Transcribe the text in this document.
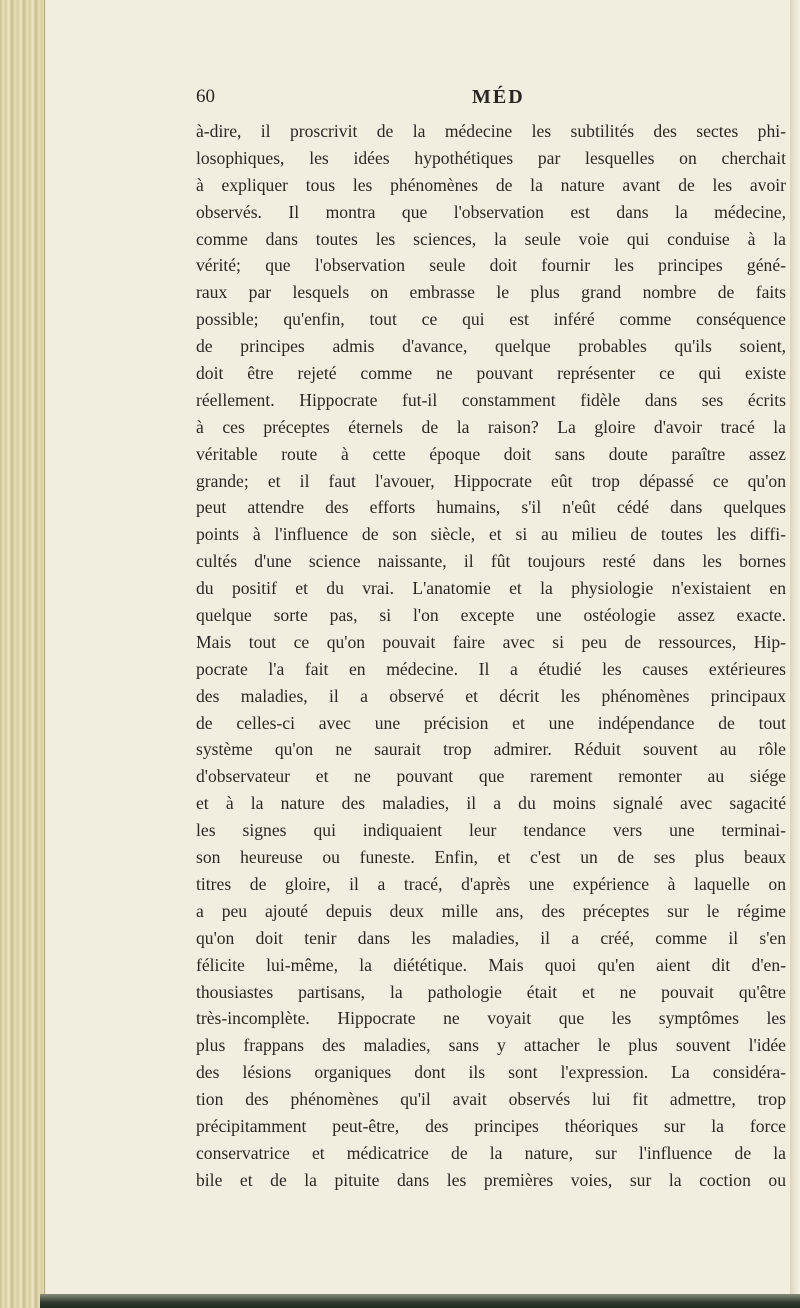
60	MÉD
à-dire, il proscrivit de la médecine les subtilités des sectes phi-
losophiques, les idées hypothétiques par lesquelles on cherchait
à expliquer tous les phénomènes de la nature avant de les avoir
observés. Il montra que l'observation est dans la médecine,
comme dans toutes les sciences, la seule voie qui conduise à la
vérité; que l'observation seule doit fournir les principes géné-
raux par lesquels on embrasse le plus grand nombre de faits
possible; qu'enfin, tout ce qui est inféré comme conséquence
de principes admis d'avance, quelque probables qu'ils soient,
doit être rejeté comme ne pouvant représenter ce qui existe
réellement. Hippocrate fut-il constamment fidèle dans ses écrits
à ces préceptes éternels de la raison? La gloire d'avoir tracé la
véritable route à cette époque doit sans doute paraître assez
grande; et il faut l'avouer, Hippocrate eût trop dépassé ce qu'on
peut attendre des efforts humains, s'il n'eût cédé dans quelques
points à l'influence de son siècle, et si au milieu de toutes les diffi-
cultés d'une science naissante, il fût toujours resté dans les bornes
du positif et du vrai. L'anatomie et la physiologie n'existaient en
quelque sorte pas, si l'on excepte une ostéologie assez exacte.
Mais tout ce qu'on pouvait faire avec si peu de ressources, Hip-
pocrate l'a fait en médecine. Il a étudié les causes extérieures
des maladies, il a observé et décrit les phénomènes principaux
de celles-ci avec une précision et une indépendance de tout
système qu'on ne saurait trop admirer. Réduit souvent au rôle
d'observateur et ne pouvant que rarement remonter au siége
et à la nature des maladies, il a du moins signalé avec sagacité
les signes qui indiquaient leur tendance vers une terminai-
son heureuse ou funeste. Enfin, et c'est un de ses plus beaux
titres de gloire, il a tracé, d'après une expérience à laquelle on
a peu ajouté depuis deux mille ans, des préceptes sur le régime
qu'on doit tenir dans les maladies, il a créé, comme il s'en
félicite lui-même, la diététique. Mais quoi qu'en aient dit d'en-
thousiastes partisans, la pathologie était et ne pouvait qu'être
très-incomplète. Hippocrate ne voyait que les symptômes les
plus frappans des maladies, sans y attacher le plus souvent l'idée
des lésions organiques dont ils sont l'expression. La considéra-
tion des phénomènes qu'il avait observés lui fit admettre, trop
précipitamment peut-être, des principes théoriques sur la force
conservatrice et médicatrice de la nature, sur l'influence de la
bile et de la pituite dans les premières voies, sur la coction ou
